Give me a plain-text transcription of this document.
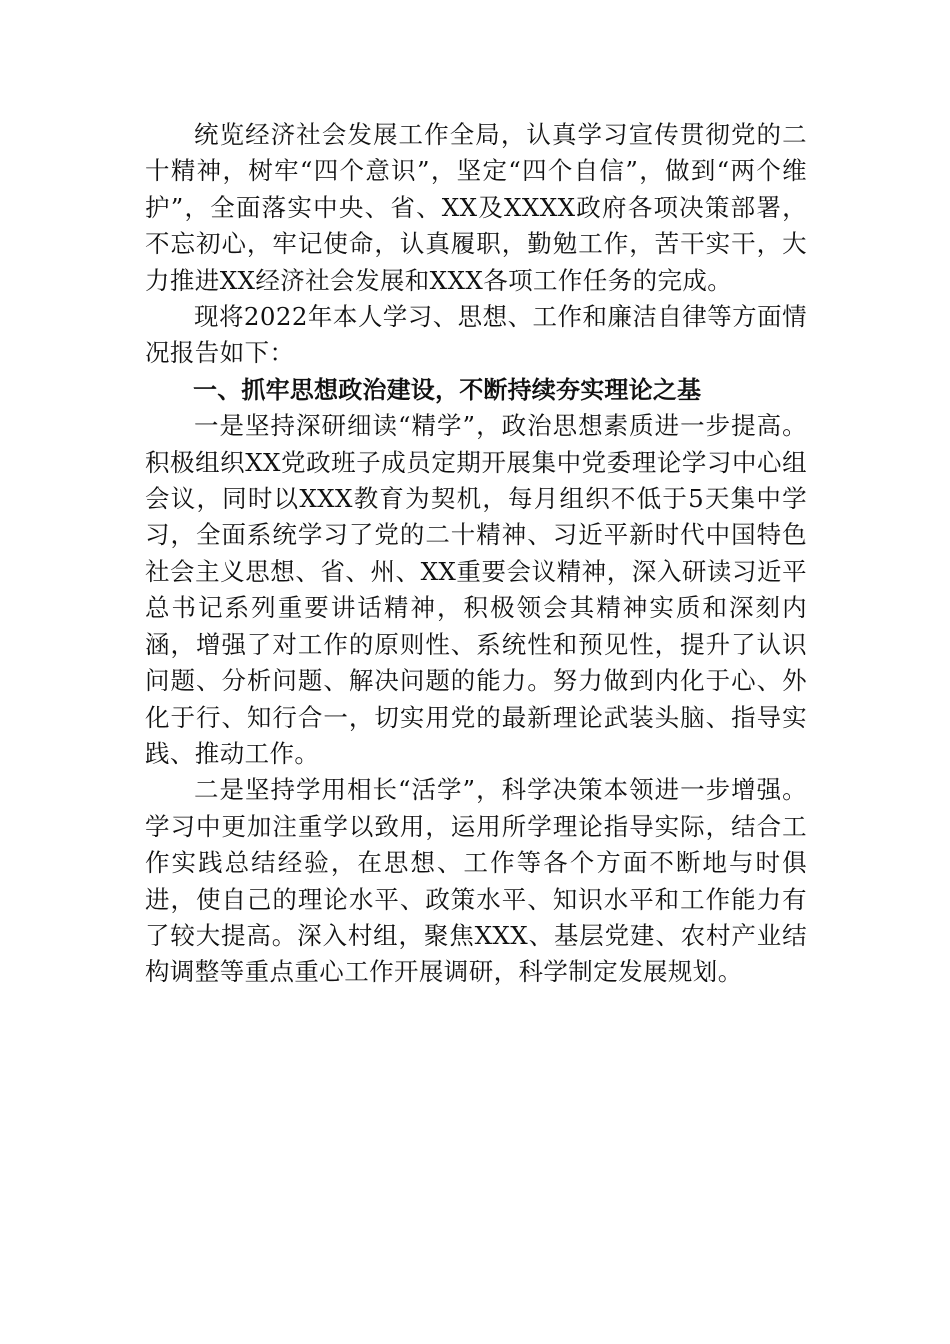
统览经济社会发展工作全局，认真学习宣传贯彻党的二十精神，树牢“四个意识”，坚定“四个自信”，做到“两个维护”，全面落实中央、省、XX及XXXX政府各项决策部署，不忘初心，牢记使命，认真履职，勤勉工作，苦干实干，大力推进XX经济社会发展和XXX各项工作任务的完成。

现将2022年本人学习、思想、工作和廉洁自律等方面情况报告如下：

一、抓牢思想政治建设，不断持续夯实理论之基

一是坚持深研细读“精学”，政治思想素质进一步提高。积极组织XX党政班子成员定期开展集中党委理论学习中心组会议，同时以XXX教育为契机，每月组织不低于5天集中学习，全面系统学习了党的二十精神、习近平新时代中国特色社会主义思想、省、州、XX重要会议精神，深入研读习近平总书记系列重要讲话精神，积极领会其精神实质和深刻内涵，增强了对工作的原则性、系统性和预见性，提升了认识问题、分析问题、解决问题的能力。努力做到内化于心、外化于行、知行合一，切实用党的最新理论武装头脑、指导实践、推动工作。

二是坚持学用相长“活学”，科学决策本领进一步增强。学习中更加注重学以致用，运用所学理论指导实际，结合工作实践总结经验，在思想、工作等各个方面不断地与时俱进，使自己的理论水平、政策水平、知识水平和工作能力有了较大提高。深入村组，聚焦XXX、基层党建、农村产业结构调整等重点重心工作开展调研，科学制定发展规划。
